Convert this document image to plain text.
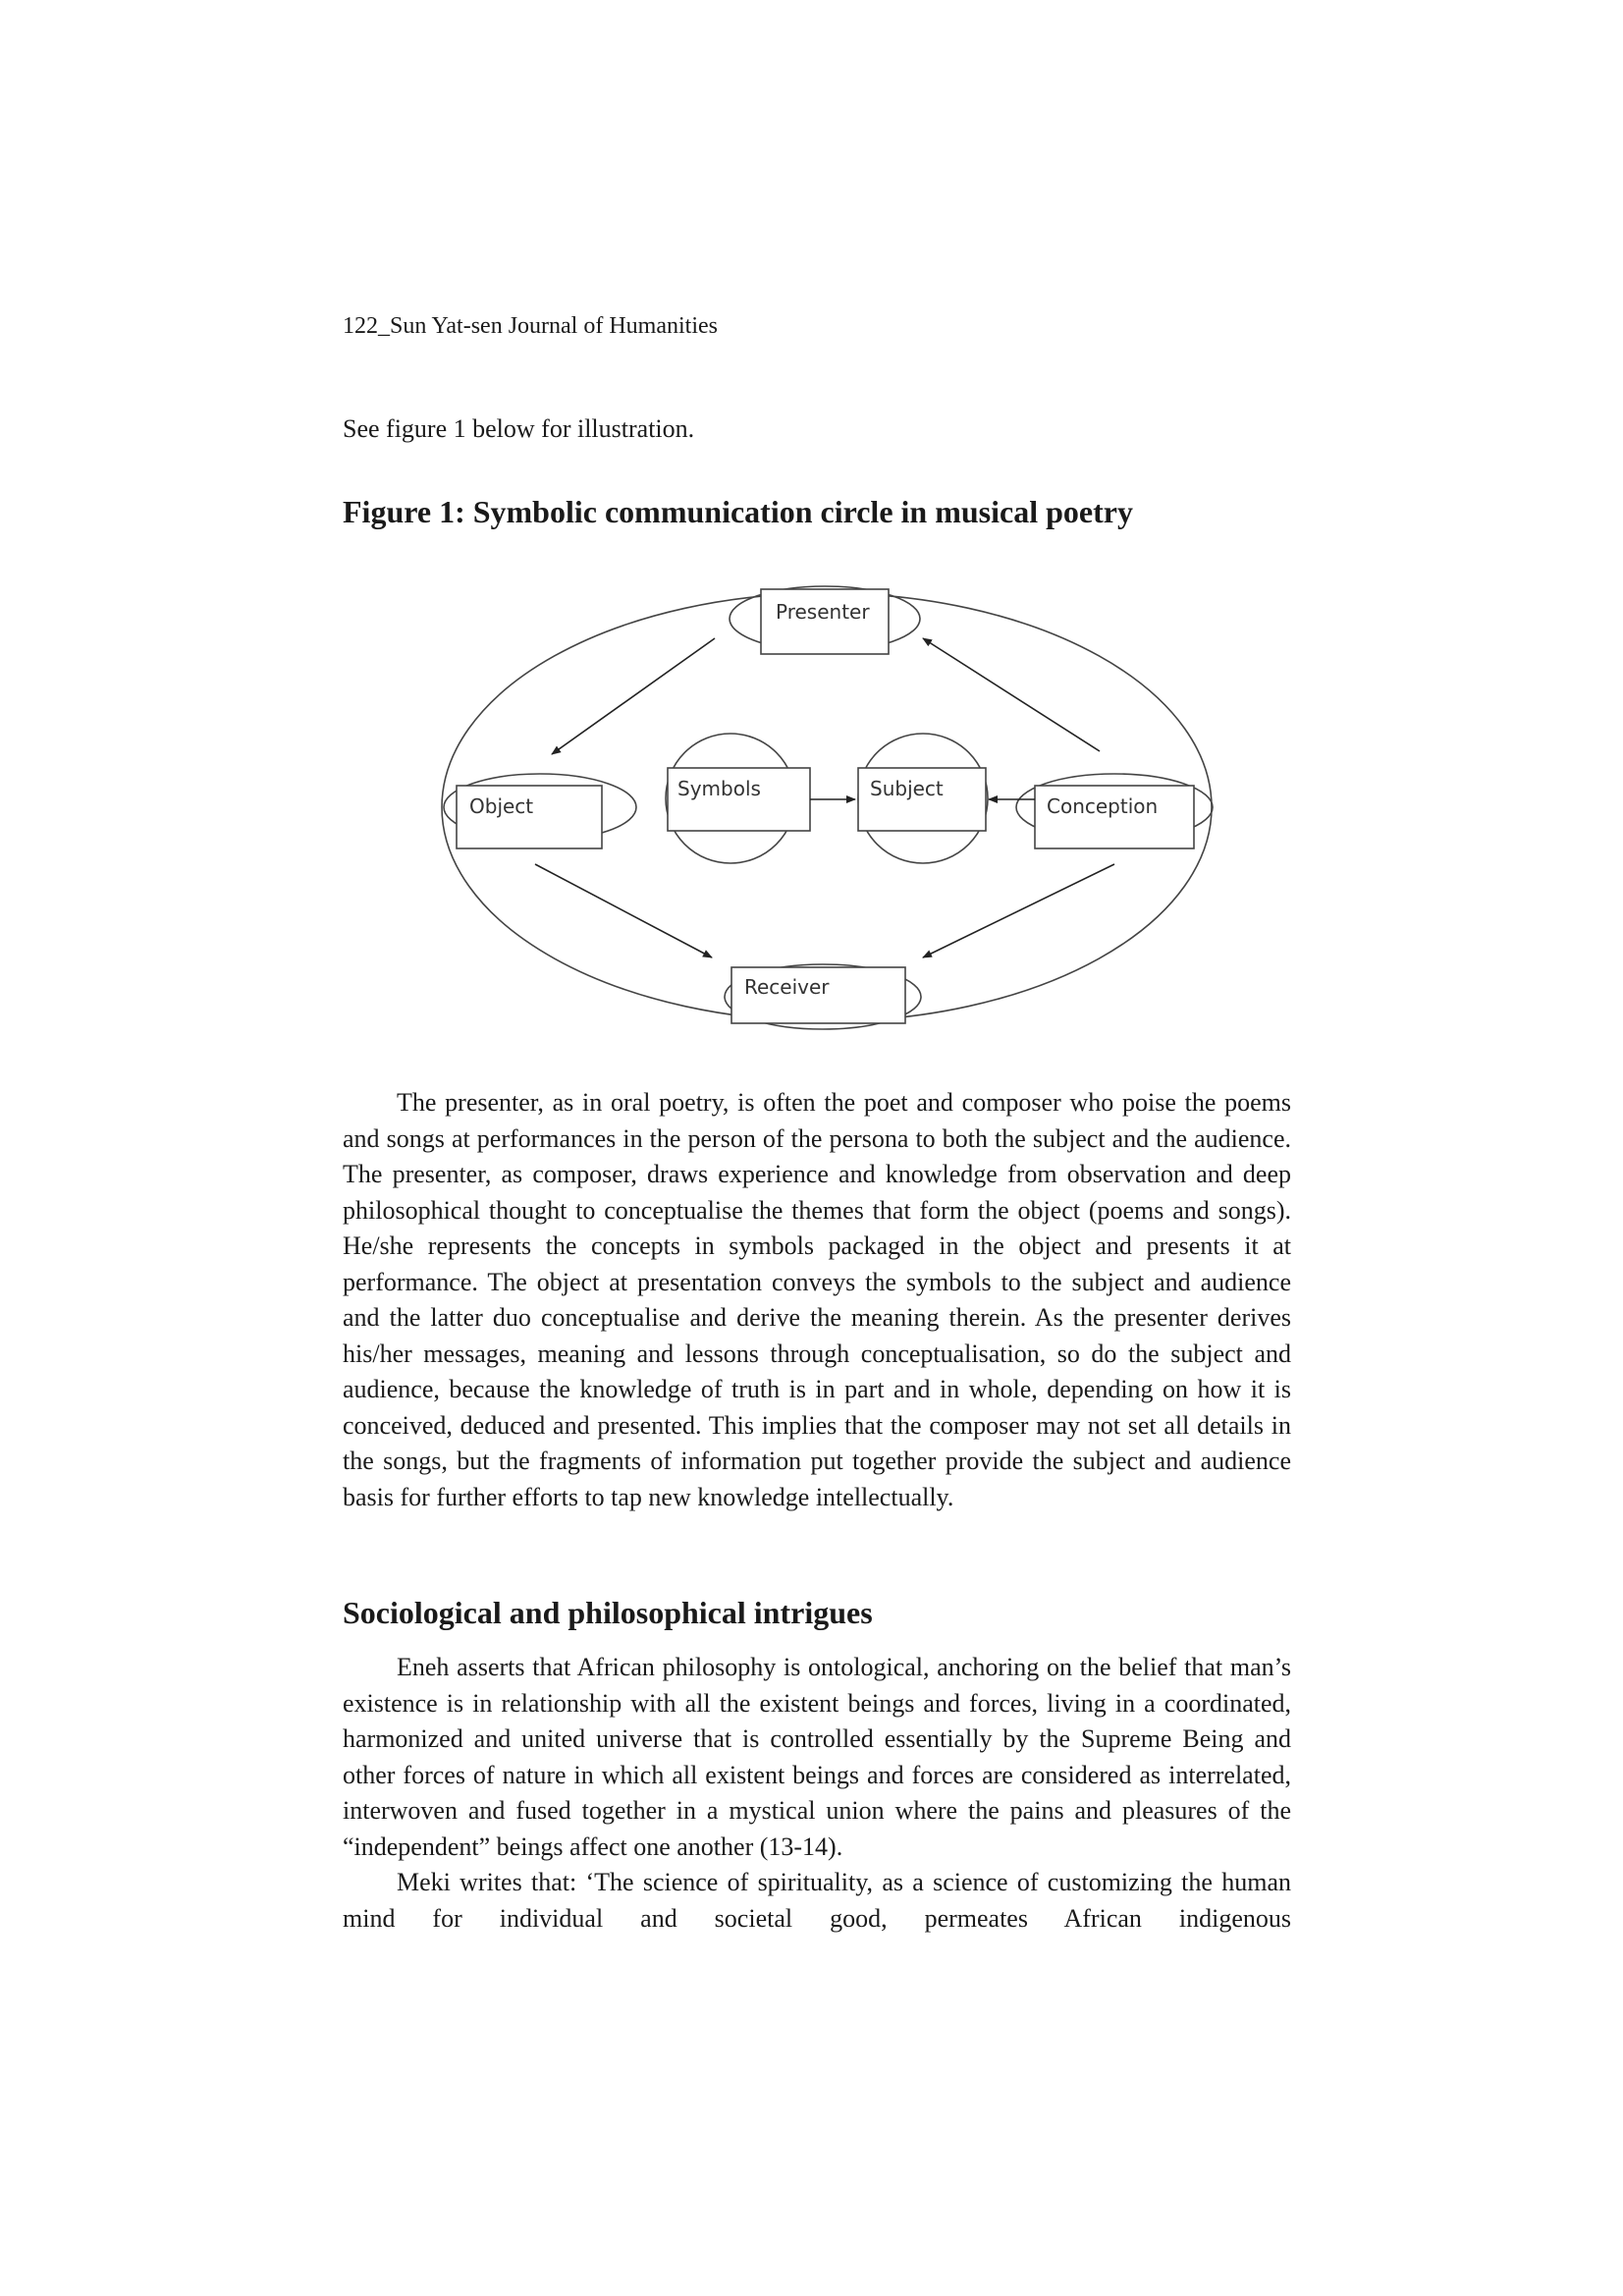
122_Sun Yat-sen Journal of Humanities
See figure 1 below for illustration.
Figure 1: Symbolic communication circle in musical poetry
Presenter
Object
Symbols	Subject
Conception
Receiver

The presenter, as in oral poetry, is often the poet and composer who poise the poems and songs at performances in the person of the persona to both the subject and the audience. The presenter, as composer, draws experience and knowledge from observation and deep philosophical thought to conceptualise the themes that form the object (poems and songs). He/she represents the concepts in symbols packaged in the object and presents it at performance. The object at presentation conveys the symbols to the subject and audience and the latter duo conceptualise and derive the meaning therein. As the presenter derives his/her messages, meaning and lessons through conceptualisation, so do the subject and audience, because the knowledge of truth is in part and in whole, depending on how it is conceived, deduced and presented. This implies that the composer may not set all details in the songs, but the fragments of information put together provide the subject and audience basis for further efforts to tap new knowledge intellectually.

Sociological and philosophical intrigues

Eneh asserts that African philosophy is ontological, anchoring on the belief that man’s existence is in relationship with all the existent beings and forces, living in a coordinated, harmonized and united universe that is controlled essentially by the Supreme Being and other forces of nature in which all existent beings and forces are considered as interrelated, interwoven and fused together in a mystical union where the pains and pleasures of the “independent” beings affect one another (13-14).

Meki writes that: ‘The science of spirituality, as a science of customizing the human mind for individual and societal good, permeates African indigenous
